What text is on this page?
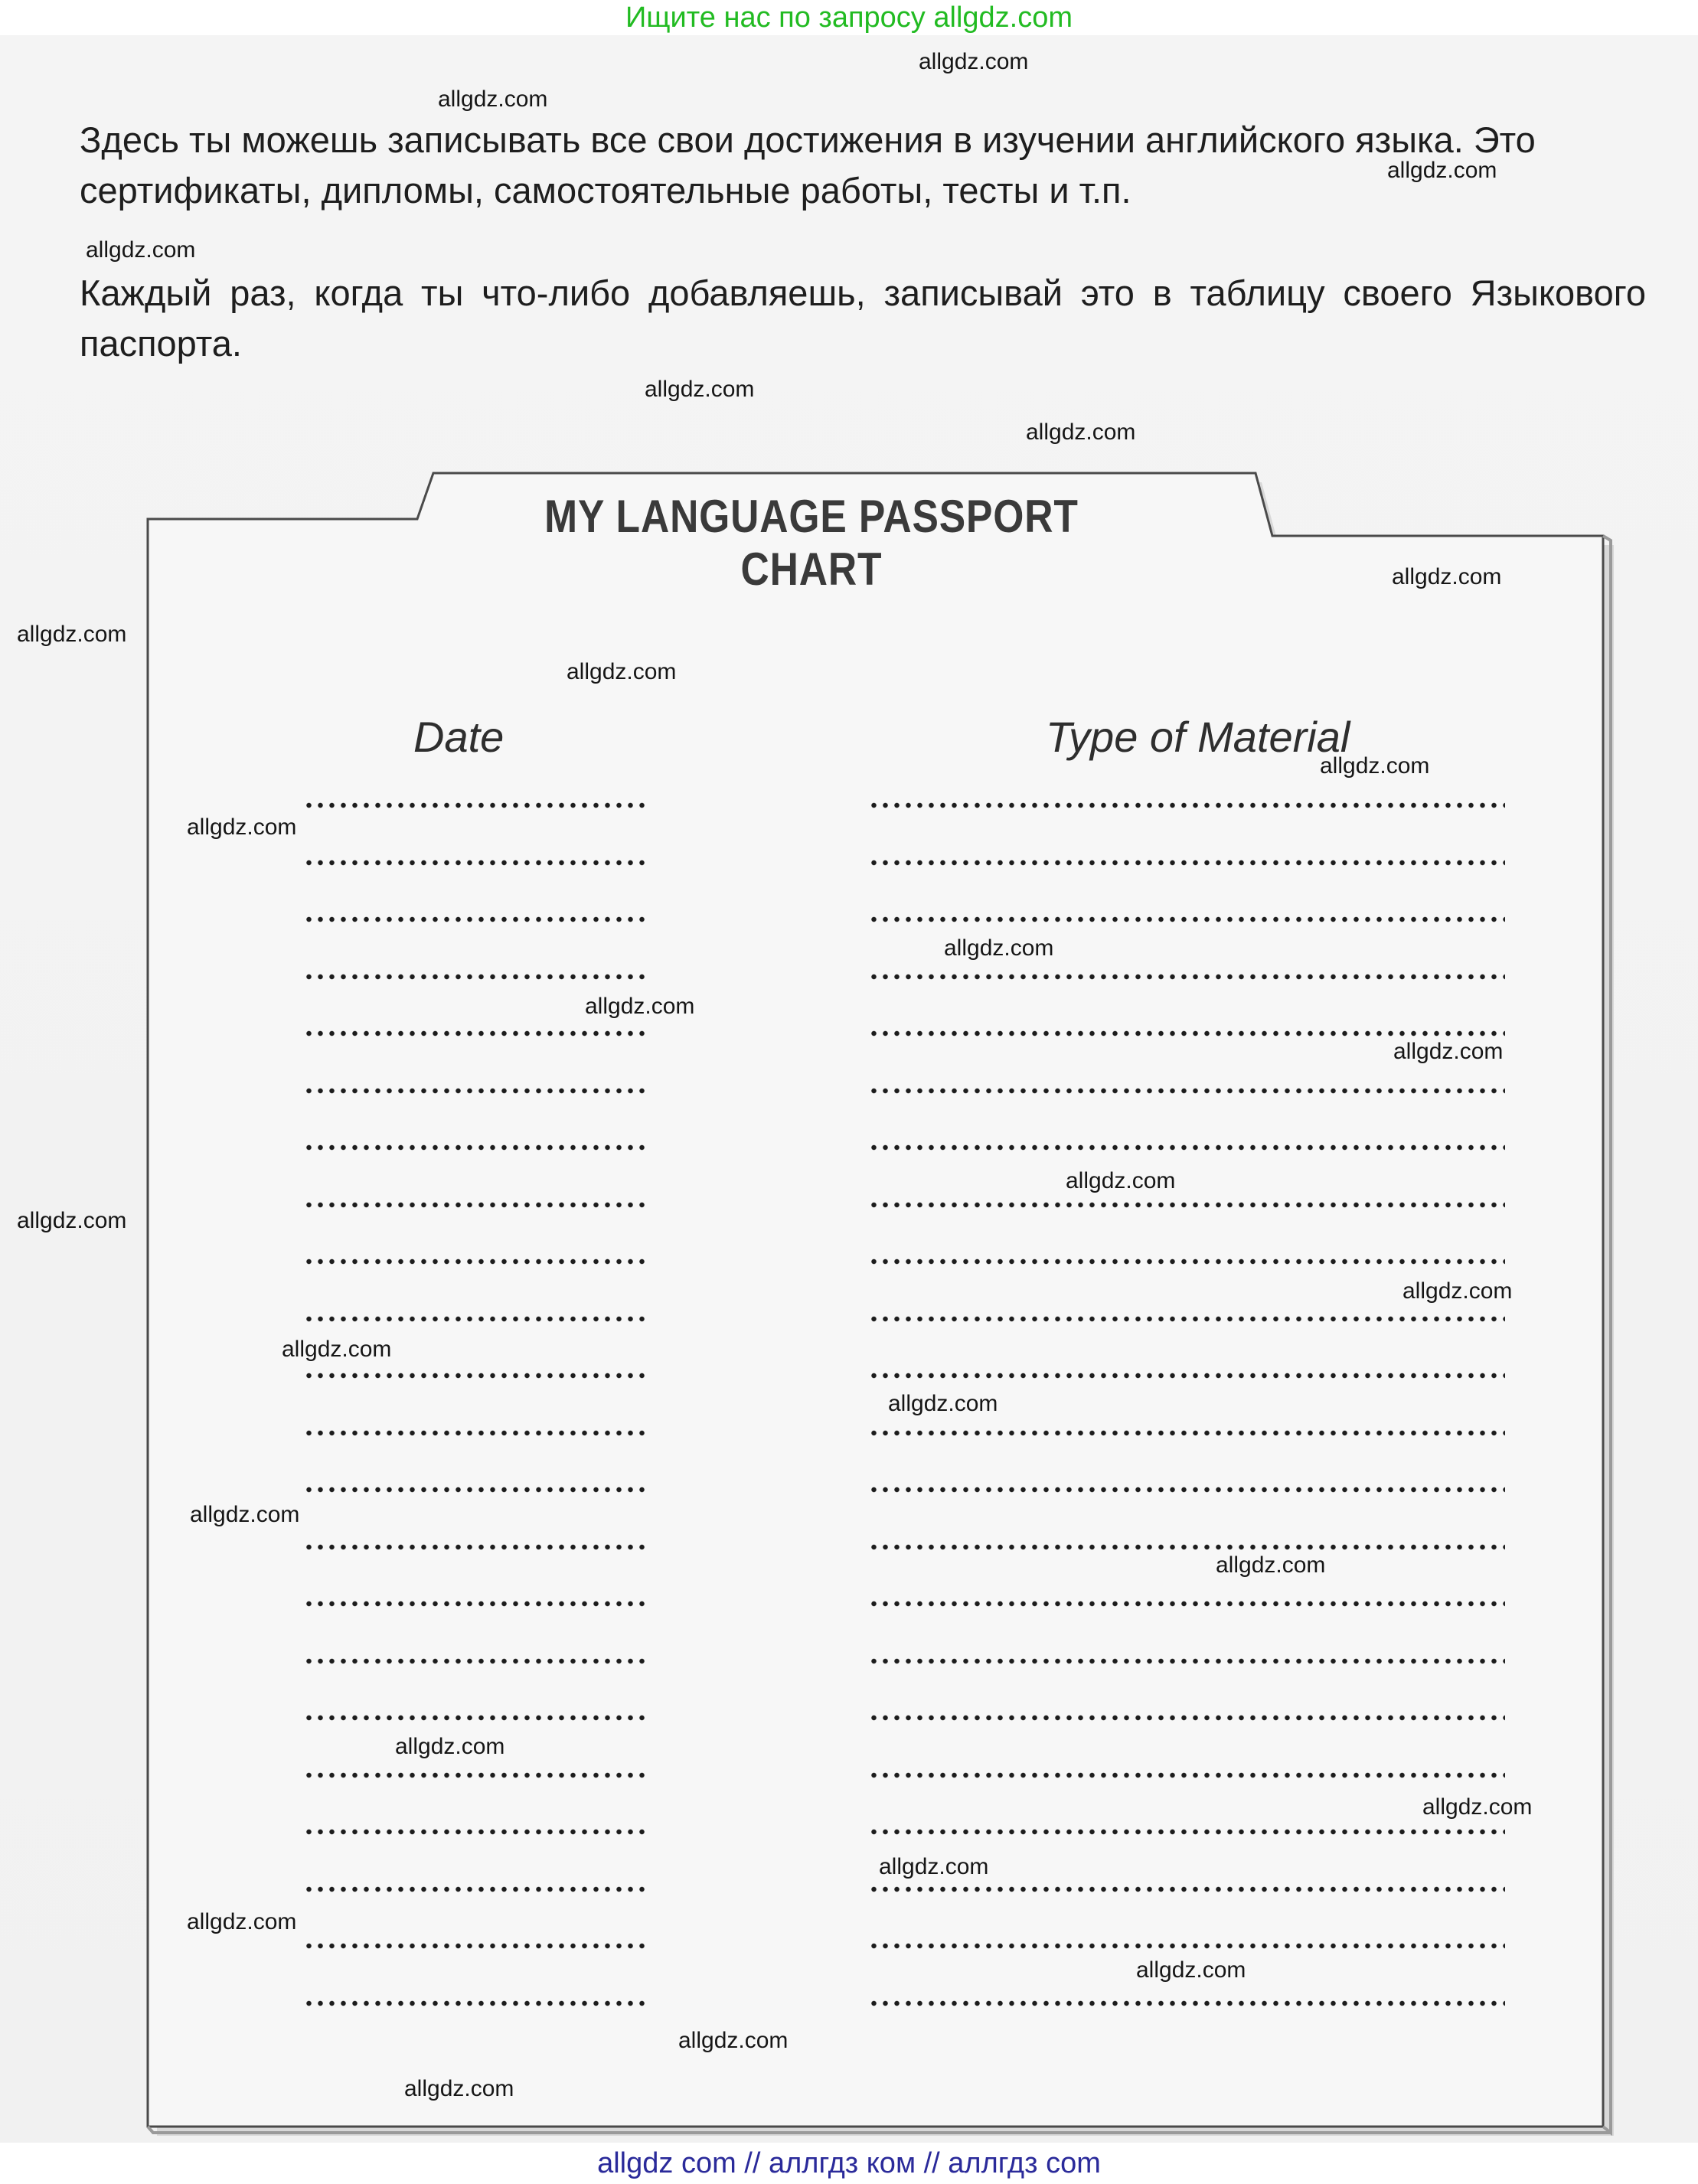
Ищите нас по запросу allgdz.com
Здесь ты можешь записывать все свои достижения в изучении английского языка. Это сертификаты, дипломы, самостоятельные работы, тесты и т.п.
Каждый раз, когда ты что-либо добавляешь, записывай это в таблицу своего Языкового паспорта.
MY LANGUAGE PASSPORT CHART
Date	Type of Material
allgdz.com
allgdz.com
allgdz.com
allgdz.com
allgdz.com
allgdz.com
allgdz.com
allgdz.com
allgdz.com
allgdz.com
allgdz.com
allgdz.com
allgdz.com
allgdz.com
allgdz.com
allgdz.com
allgdz.com
allgdz.com
allgdz.com
allgdz.com
allgdz.com
allgdz.com
allgdz.com
allgdz.com
allgdz.com
allgdz.com
allgdz.com
allgdz.com
allgdz com // аллгдз ком // аллгдз com
